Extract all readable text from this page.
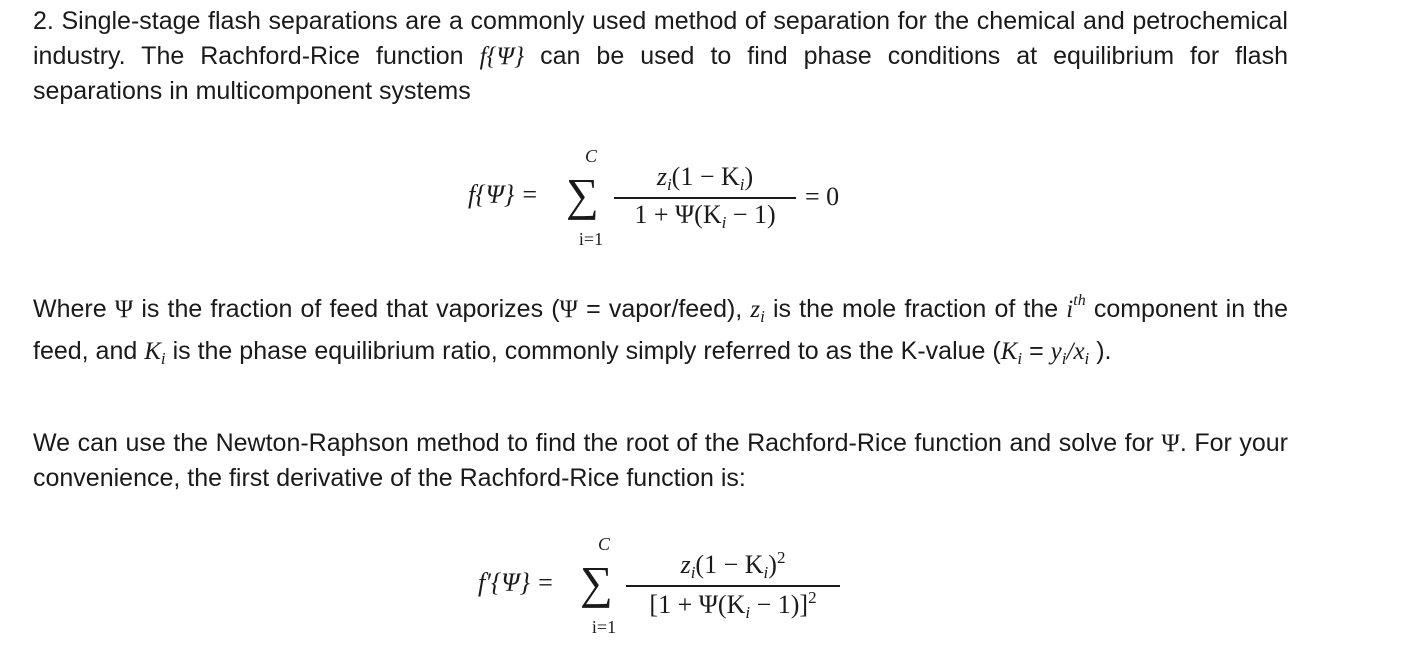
2. Single-stage flash separations are a commonly used method of separation for the chemical and petrochemical industry. The Rachford-Rice function f{Ψ} can be used to find phase conditions at equilibrium for flash separations in multicomponent systems
f{Ψ} = ∑
C
i=1
zi(1 − Ki)
1 + Ψ(Ki − 1)
= 0
Where Ψ is the fraction of feed that vaporizes (Ψ = vapor/feed), $z_i$ is the mole fraction of the $i^{th}$ component in the feed, and $K_i$ is the phase equilibrium ratio, commonly simply referred to as the K-value ($K_i = y_i/x_i$ ).
We can use the Newton-Raphson method to find the root of the Rachford-Rice function and solve for Ψ. For your convenience, the first derivative of the Rachford-Rice function is:
f′{Ψ} = ∑
C
i=1
$zi(1 - Ki)^2$
$[1 + \Psi(Ki - 1)]^2$
